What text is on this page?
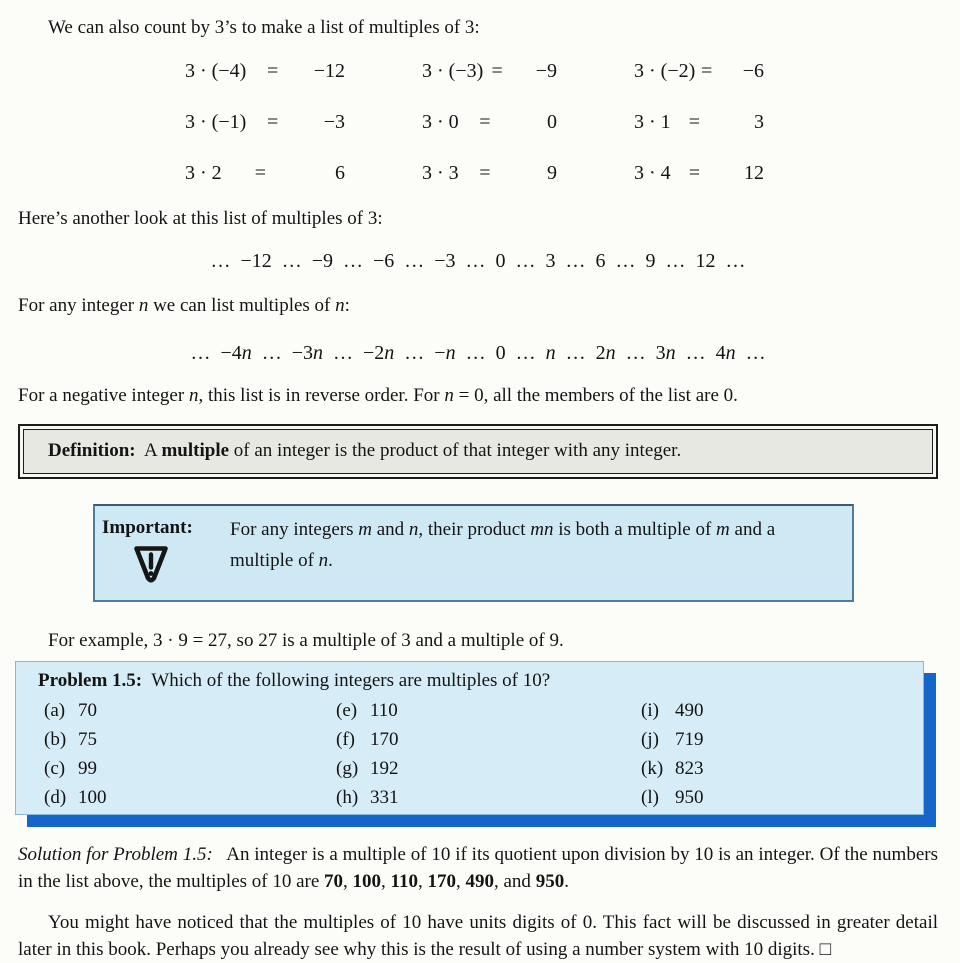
We can also count by 3’s to make a list of multiples of 3:

3 · (−4) =	−12	3 · (−3) =	−9	3 · (−2) =	−6
3 · (−1) =	−3	3 · 0 =	0	3 · 1 =	3
3 · 2 =	6	3 · 3 =	9	3 · 4 =	12

Here’s another look at this list of multiples of 3:

… −12 … −9 … −6 … −3 … 0 … 3 … 6 … 9 … 12 …

For any integer n we can list multiples of n:

… −4n … −3n … −2n … −n … 0 … n … 2n … 3n … 4n …

For a negative integer n, this list is in reverse order. For n = 0, all the members of the list are 0.

Definition:  A multiple of an integer is the product of that integer with any integer.

Important:	For any integers m and n, their product mn is both a multiple of m and a multiple of n.

For example, 3 · 9 = 27, so 27 is a multiple of 3 and a multiple of 9.

Problem 1.5:  Which of the following integers are multiples of 10?

(a) 70
(b) 75
(c) 99
(d) 100
(e) 110
(f) 170
(g) 192
(h) 331
(i) 490
(j) 719
(k) 823
(l) 950

Solution for Problem 1.5:   An integer is a multiple of 10 if its quotient upon division by 10 is an integer. Of the numbers in the list above, the multiples of 10 are 70, 100, 110, 170, 490, and 950.

You might have noticed that the multiples of 10 have units digits of 0. This fact will be discussed in greater detail later in this book. Perhaps you already see why this is the result of using a number system with 10 digits. □
